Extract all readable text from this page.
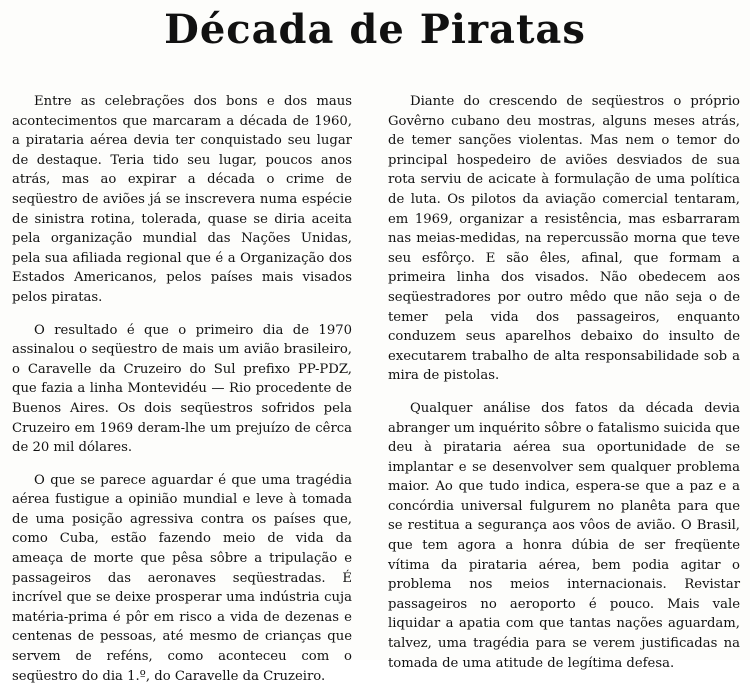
Década de Piratas

Entre as celebrações dos bons e dos maus acontecimentos que marcaram a década de 1960, a pirataria aérea devia ter conquistado seu lugar de destaque. Teria tido seu lugar, poucos anos atrás, mas ao expirar a década o crime de seqüestro de aviões já se inscrevera numa espécie de sinistra rotina, tolerada, quase se diria aceita pela organização mundial das Nações Unidas, pela sua afiliada regional que é a Organização dos Estados Americanos, pelos países mais visados pelos piratas.

O resultado é que o primeiro dia de 1970 assinalou o seqüestro de mais um avião brasileiro, o Caravelle da Cruzeiro do Sul prefixo PP-PDZ, que fazia a linha Montevidéu — Rio procedente de Buenos Aires. Os dois seqüestros sofridos pela Cruzeiro em 1969 deram-lhe um prejuízo de cêrca de 20 mil dólares.

O que se parece aguardar é que uma tragédia aérea fustigue a opinião mundial e leve à tomada de uma posição agressiva contra os países que, como Cuba, estão fazendo meio de vida da ameaça de morte que pêsa sôbre a tripulação e passageiros das aeronaves seqüestradas. É incrível que se deixe prosperar uma indústria cuja matéria-prima é pôr em risco a vida de dezenas e centenas de pessoas, até mesmo de crianças que servem de reféns, como aconteceu com o seqüestro do dia 1.º, do Caravelle da Cruzeiro.

Diante do crescendo de seqüestros o próprio Govêrno cubano deu mostras, alguns meses atrás, de temer sanções violentas. Mas nem o temor do principal hospedeiro de aviões desviados de sua rota serviu de acicate à formulação de uma política de luta. Os pilotos da aviação comercial tentaram, em 1969, organizar a resistência, mas esbarraram nas meias-medidas, na repercussão morna que teve seu esfôrço. E são êles, afinal, que formam a primeira linha dos visados. Não obedecem aos seqüestradores por outro mêdo que não seja o de temer pela vida dos passageiros, enquanto conduzem seus aparelhos debaixo do insulto de executarem trabalho de alta responsabilidade sob a mira de pistolas.

Qualquer análise dos fatos da década devia abranger um inquérito sôbre o fatalismo suicida que deu à pirataria aérea sua oportunidade de se implantar e se desenvolver sem qualquer problema maior. Ao que tudo indica, espera-se que a paz e a concórdia universal fulgurem no planêta para que se restitua a segurança aos vôos de avião. O Brasil, que tem agora a honra dúbia de ser freqüente vítima da pirataria aérea, bem podia agitar o problema nos meios internacionais. Revistar passageiros no aeroporto é pouco. Mais vale liquidar a apatia com que tantas nações aguardam, talvez, uma tragédia para se verem justificadas na tomada de uma atitude de legítima defesa.
